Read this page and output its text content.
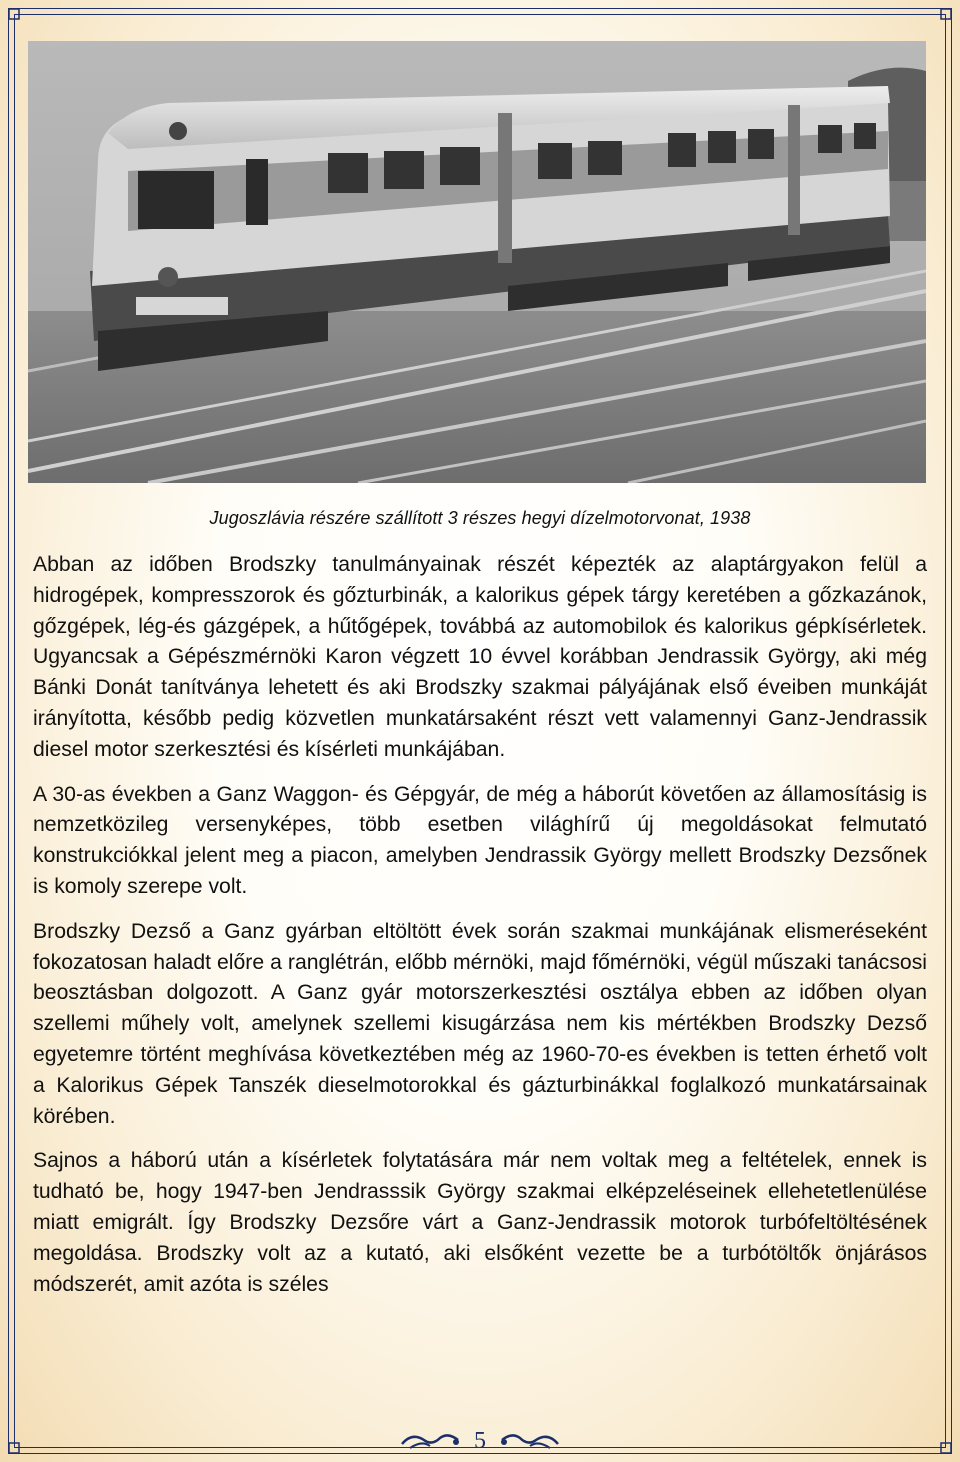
Jugoszlávia részére szállított 3 részes hegyi dízelmotorvonat, 1938

Abban az időben Brodszky tanulmányainak részét képezték az alaptárgyakon felül a hidrogépek, kompresszorok és gőzturbinák, a kalorikus gépek tárgy keretében a gőzkazánok, gőzgépek, lég-és gázgépek, a hűtőgépek, továbbá az automobilok és kalorikus gépkísérletek. Ugyancsak a Gépészmérnöki Karon végzett 10 évvel korábban Jendrassik György, aki még Bánki Donát tanítványa lehetett és aki Brodszky szakmai pályájának első éveiben munkáját irányította, később pedig közvetlen munkatársaként részt vett valamennyi Ganz-Jendrassik diesel motor szerkesztési és kísérleti munkájában.

A 30-as években a Ganz Waggon- és Gépgyár, de még a háborút követően az államosításig is nemzetközileg versenyképes, több esetben világhírű új megoldásokat felmutató konstrukciókkal jelent meg a piacon, amelyben Jendrassik György mellett Brodszky Dezsőnek is komoly szerepe volt.

Brodszky Dezső a Ganz gyárban eltöltött évek során szakmai munkájának elismeréseként fokozatosan haladt előre a ranglétrán, előbb mérnöki, majd főmérnöki, végül műszaki tanácsosi beosztásban dolgozott. A Ganz gyár motorszerkesztési osztálya ebben az időben olyan szellemi műhely volt, amelynek szellemi kisugárzása nem kis mértékben Brodszky Dezső egyetemre történt meghívása következtében még az 1960-70-es években is tetten érhető volt a Kalorikus Gépek Tanszék dieselmotorokkal és gázturbinákkal foglalkozó munkatársainak körében.

Sajnos a háború után a kísérletek folytatására már nem voltak meg a feltételek, ennek is tudható be, hogy 1947-ben Jendrasssik György szakmai elképzeléseinek ellehetetlenülése miatt emigrált. Így Brodszky Dezsőre várt a Ganz-Jendrassik motorok turbófeltöltésének megoldása. Brodszky volt az a kutató, aki elsőként vezette be a turbótöltők önjárásos módszerét, amit azóta is széles

5
